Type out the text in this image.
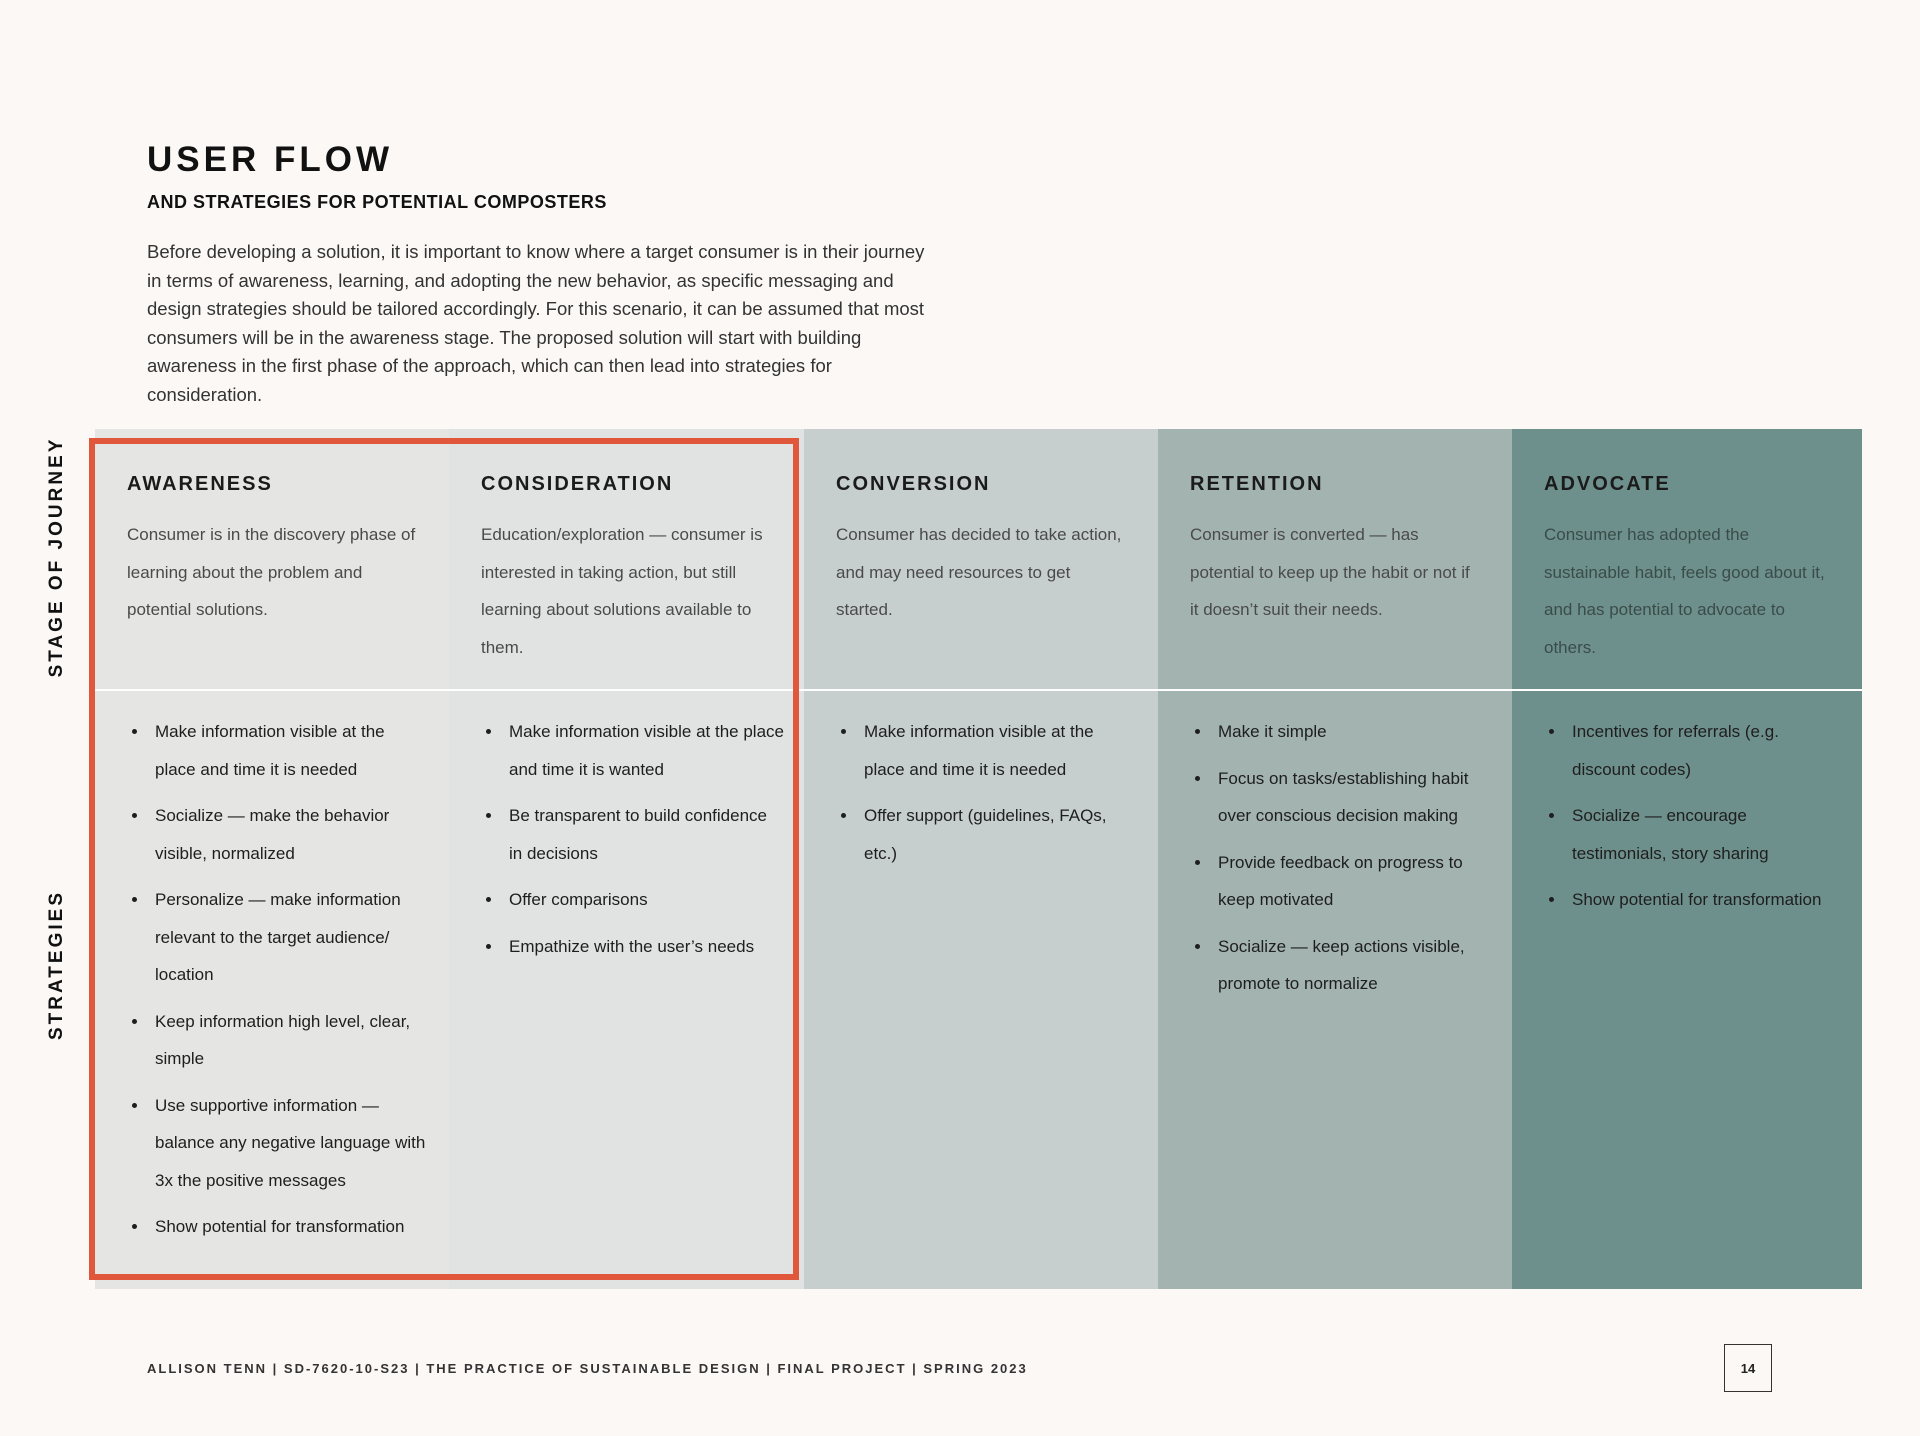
USER FLOW
AND STRATEGIES FOR POTENTIAL COMPOSTERS

Before developing a solution, it is important to know where a target consumer is in their journey in terms of awareness, learning, and adopting the new behavior, as specific messaging and design strategies should be tailored accordingly. For this scenario, it can be assumed that most consumers will be in the awareness stage. The proposed solution will start with building awareness in the first phase of the approach, which can then lead into strategies for consideration.

STAGE OF JOURNEY
STRATEGIES
AWARENESS

Consumer is in the discovery phase of learning about the problem and potential solutions.

• Make information visible at the place and time it is needed
• Socialize — make the behavior visible, normalized
• Personalize — make information relevant to the target audience/ location
• Keep information high level, clear, simple
• Use supportive information — balance any negative language with 3x the positive messages
• Show potential for transformation
CONSIDERATION

Education/exploration — consumer is interested in taking action, but still learning about solutions available to them.

• Make information visible at the place and time it is wanted
• Be transparent to build confidence in decisions
• Offer comparisons
• Empathize with the user’s needs
CONVERSION

Consumer has decided to take action, and may need resources to get started.

• Make information visible at the place and time it is needed
• Offer support (guidelines, FAQs, etc.)
RETENTION

Consumer is converted — has potential to keep up the habit or not if it doesn’t suit their needs.

• Make it simple
• Focus on tasks/establishing habit over conscious decision making
• Provide feedback on progress to keep motivated
• Socialize — keep actions visible, promote to normalize
ADVOCATE

Consumer has adopted the sustainable habit, feels good about it, and has potential to advocate to others.

• Incentives for referrals (e.g. discount codes)
• Socialize — encourage testimonials, story sharing
• Show potential for transformation

ALLISON TENN | SD-7620-10-S23 | THE PRACTICE OF SUSTAINABLE DESIGN | FINAL PROJECT | SPRING 2023	14
